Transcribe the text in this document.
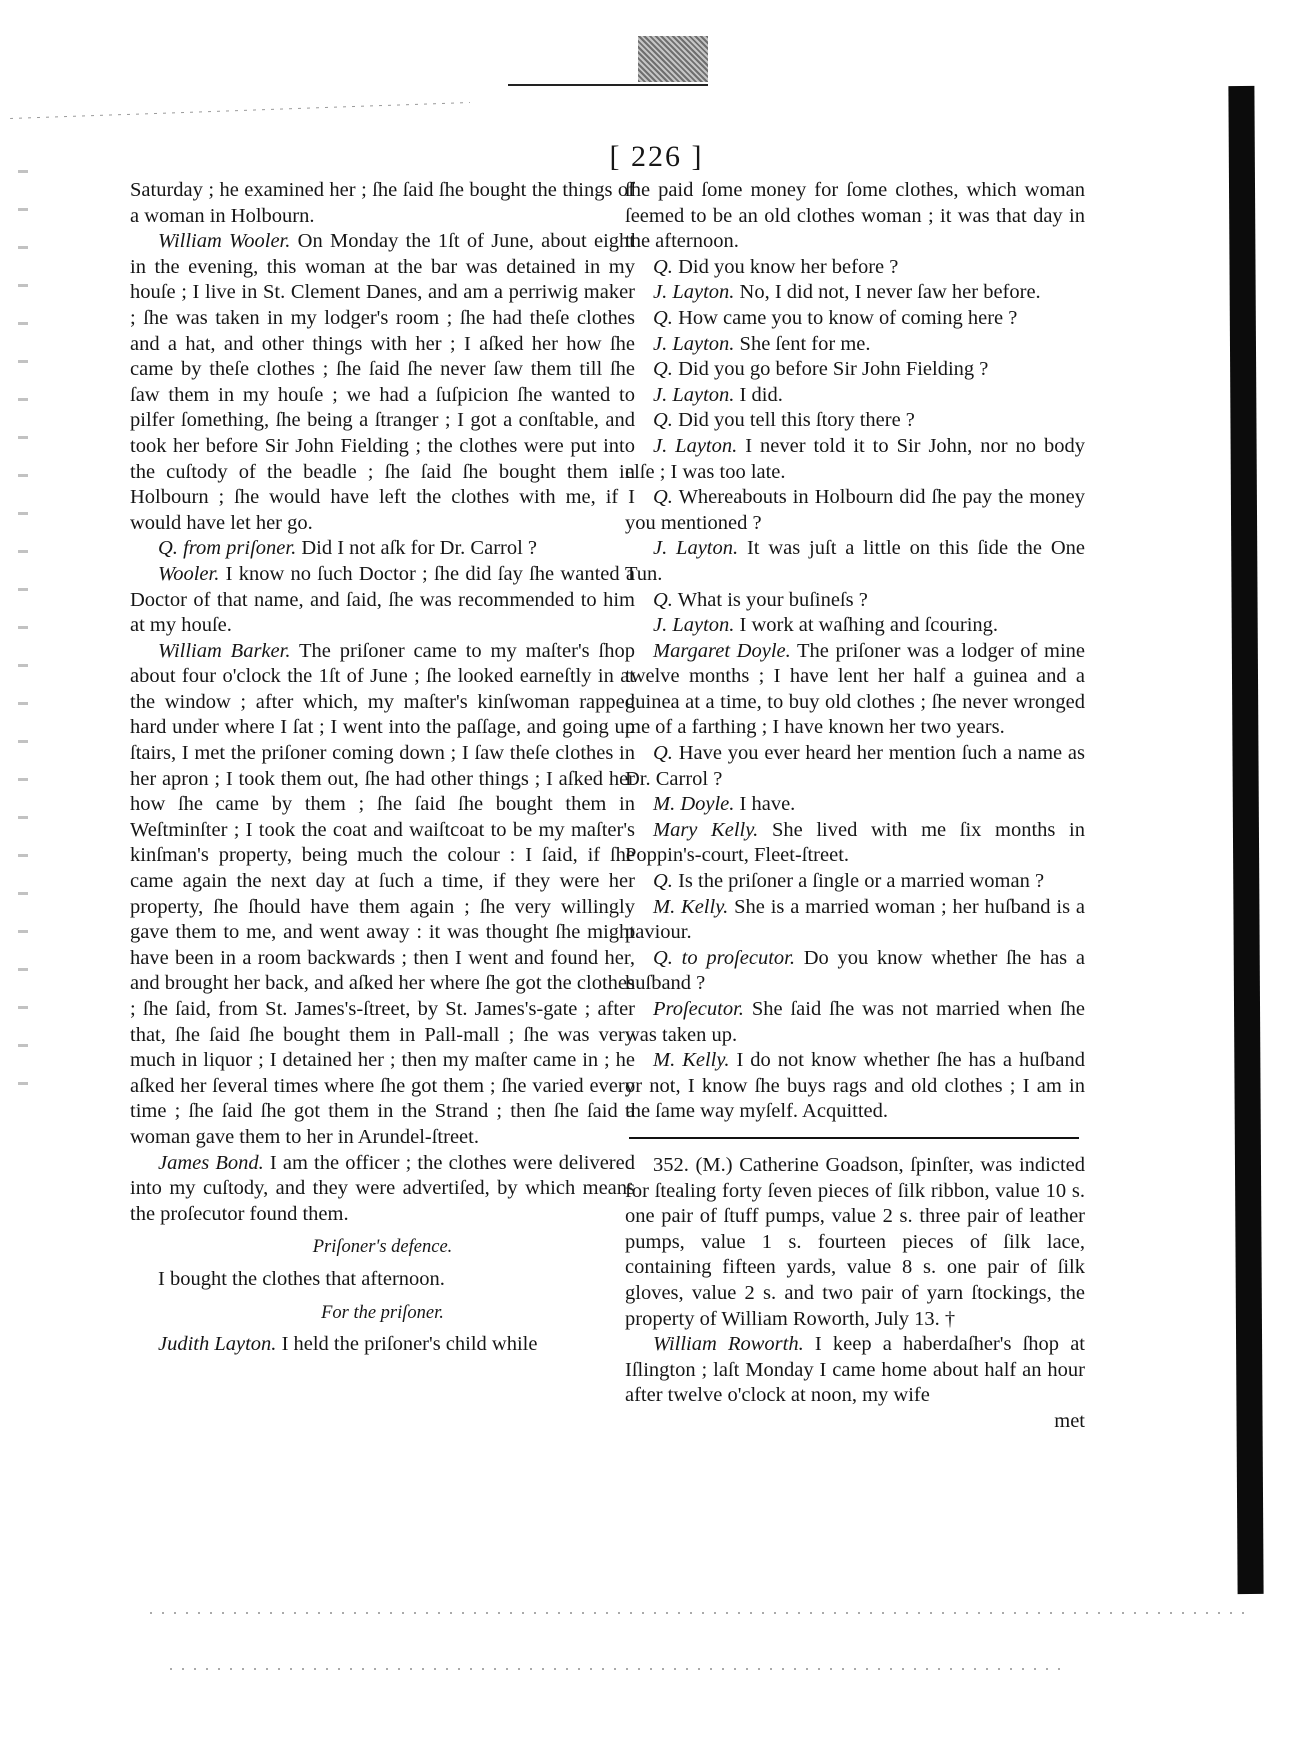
[ 226 ]

Saturday ; he examined her ; ſhe ſaid ſhe bought the things of a woman in Holbourn.

William Wooler. On Monday the 1ſt of June, about eight in the evening, this woman at the bar was detained in my houſe ; I live in St. Clement Danes, and am a perriwig maker ; ſhe was taken in my lodger's room ; ſhe had theſe clothes and a hat, and other things with her ; I aſked her how ſhe came by theſe clothes ; ſhe ſaid ſhe never ſaw them till ſhe ſaw them in my houſe ; we had a ſuſpicion ſhe wanted to pilfer ſomething, ſhe being a ſtranger ; I got a conſtable, and took her before Sir John Fielding ; the clothes were put into the cuſtody of the beadle ; ſhe ſaid ſhe bought them in Holbourn ; ſhe would have left the clothes with me, if I would have let her go.

Q. from priſoner. Did I not aſk for Dr. Carrol ?

Wooler. I know no ſuch Doctor ; ſhe did ſay ſhe wanted a Doctor of that name, and ſaid, ſhe was recommended to him at my houſe.

William Barker. The priſoner came to my maſter's ſhop about four o'clock the 1ſt of June ; ſhe looked earneſtly in at the window ; after which, my maſter's kinſwoman rapped hard under where I ſat ; I went into the paſſage, and going up ſtairs, I met the priſoner coming down ; I ſaw theſe clothes in her apron ; I took them out, ſhe had other things ; I aſked her how ſhe came by them ; ſhe ſaid ſhe bought them in Weſtminſter ; I took the coat and waiſtcoat to be my maſter's kinſman's property, being much the colour : I ſaid, if ſhe came again the next day at ſuch a time, if they were her property, ſhe ſhould have them again ; ſhe very willingly gave them to me, and went away : it was thought ſhe might have been in a room backwards ; then I went and found her, and brought her back, and aſked her where ſhe got the clothes ; ſhe ſaid, from St. James's-ſtreet, by St. James's-gate ; after that, ſhe ſaid ſhe bought them in Pall-mall ; ſhe was very much in liquor ; I detained her ; then my maſter came in ; he aſked her ſeveral times where ſhe got them ; ſhe varied every time ; ſhe ſaid ſhe got them in the Strand ; then ſhe ſaid a woman gave them to her in Arundel-ſtreet.

James Bond. I am the officer ; the clothes were delivered into my cuſtody, and they were advertiſed, by which means the proſecutor found them.

Priſoner's defence.

I bought the clothes that afternoon.

For the priſoner.

Judith Layton. I held the priſoner's child while

ſhe paid ſome money for ſome clothes, which woman ſeemed to be an old clothes woman ; it was that day in the afternoon.

Q. Did you know her before ?

J. Layton. No, I did not, I never ſaw her before.

Q. How came you to know of coming here ?

J. Layton. She ſent for me.

Q. Did you go before Sir John Fielding ?

J. Layton. I did.

Q. Did you tell this ſtory there ?

J. Layton. I never told it to Sir John, nor no body elſe ; I was too late.

Q. Whereabouts in Holbourn did ſhe pay the money you mentioned ?

J. Layton. It was juſt a little on this ſide the One Tun.

Q. What is your buſineſs ?

J. Layton. I work at waſhing and ſcouring.

Margaret Doyle. The priſoner was a lodger of mine twelve months ; I have lent her half a guinea and a guinea at a time, to buy old clothes ; ſhe never wronged me of a farthing ; I have known her two years.

Q. Have you ever heard her mention ſuch a name as Dr. Carrol ?

M. Doyle. I have.

Mary Kelly. She lived with me ſix months in Poppin's-court, Fleet-ſtreet.

Q. Is the priſoner a ſingle or a married woman ?

M. Kelly. She is a married woman ; her huſband is a paviour.

Q. to proſecutor. Do you know whether ſhe has a huſband ?

Proſecutor. She ſaid ſhe was not married when ſhe was taken up.

M. Kelly. I do not know whether ſhe has a huſband or not, I know ſhe buys rags and old clothes ; I am in the ſame way myſelf. Acquitted.

352. (M.) Catherine Goadson, ſpinſter, was indicted for ſtealing forty ſeven pieces of ſilk ribbon, value 10 s. one pair of ſtuff pumps, value 2 s. three pair of leather pumps, value 1 s. fourteen pieces of ſilk lace, containing fifteen yards, value 8 s. one pair of ſilk gloves, value 2 s. and two pair of yarn ſtockings, the property of William Roworth, July 13. †

William Roworth. I keep a haberdaſher's ſhop at Iſlington ; laſt Monday I came home about half an hour after twelve o'clock at noon, my wife

met
